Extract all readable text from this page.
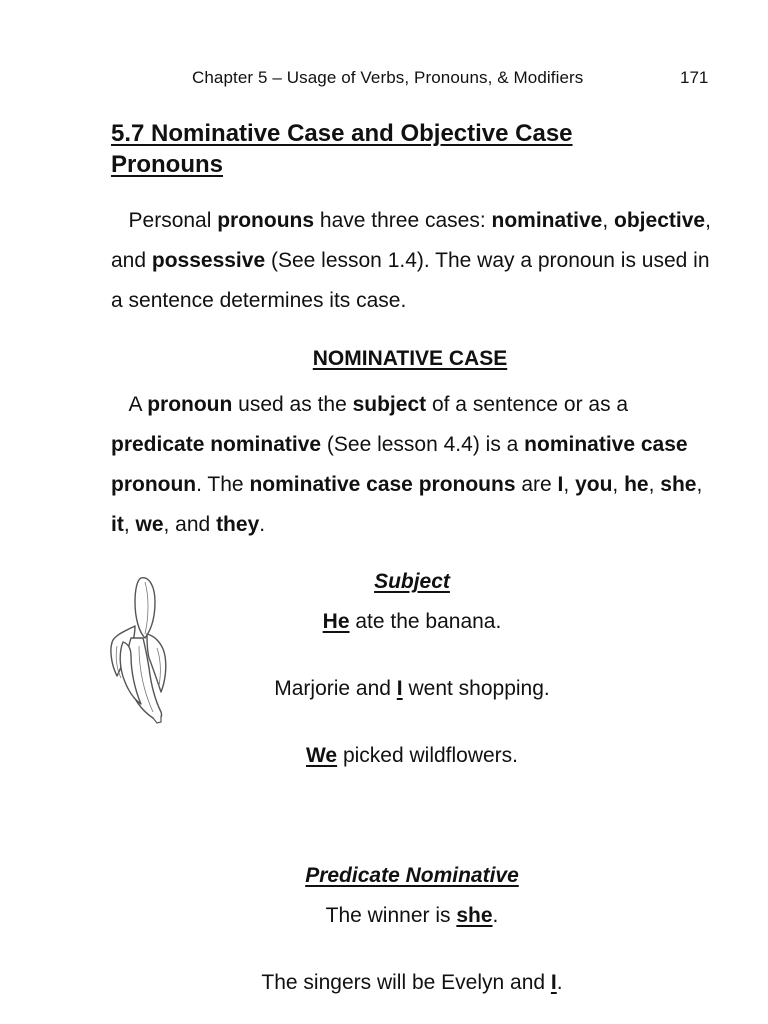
Chapter 5 – Usage of Verbs, Pronouns, & Modifiers	171
5.7 Nominative Case and Objective Case Pronouns

Personal pronouns have three cases: nominative, objective, and possessive (See lesson 1.4). The way a pronoun is used in a sentence determines its case.

NOMINATIVE CASE

A pronoun used as the subject of a sentence or as a predicate nominative (See lesson 4.4) is a nominative case pronoun. The nominative case pronouns are I, you, he, she, it, we, and they.

Subject
He ate the banana.
Marjorie and I went shopping.
We picked wildflowers.
Predicate Nominative
The winner is she.
The singers will be Evelyn and I.
